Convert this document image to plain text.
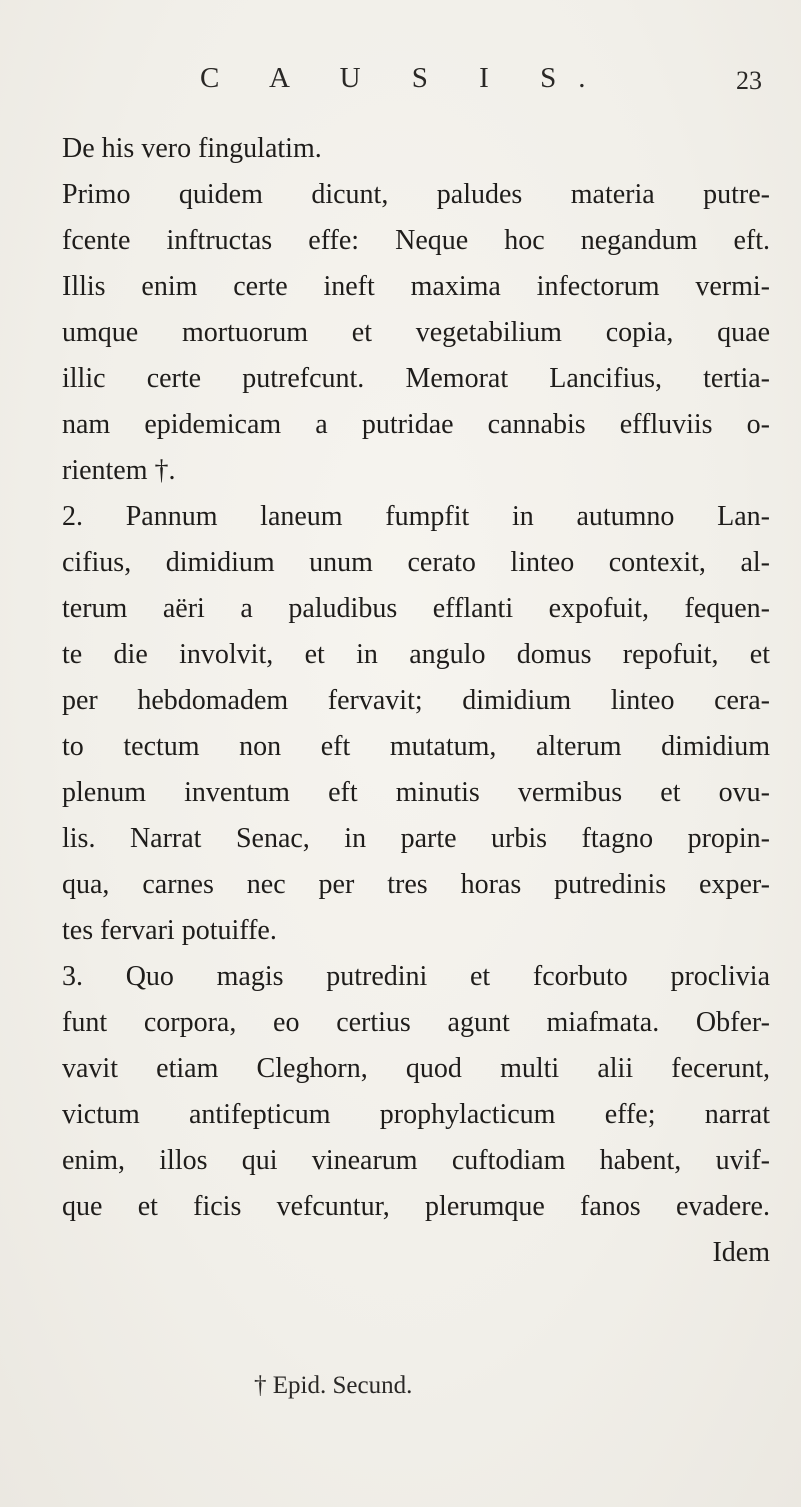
C A U S I S.	23
De his vero fingulatim.
Primo quidem dicunt, paludes materia putre-
fcente inftructas effe: Neque hoc negandum eft.
Illis enim certe ineft maxima infectorum vermi-
umque mortuorum et vegetabilium copia, quae
illic certe putrefcunt. Memorat Lancifius, tertia-
nam epidemicam a putridae cannabis effluviis o-
rientem †.
2. Pannum laneum fumpfit in autumno Lan-
cifius, dimidium unum cerato linteo contexit, al-
terum aëri a paludibus efflanti expofuit, fequen-
te die involvit, et in angulo domus repofuit, et
per hebdomadem fervavit; dimidium linteo cera-
to tectum non eft mutatum, alterum dimidium
plenum inventum eft minutis vermibus et ovu-
lis. Narrat Senac, in parte urbis ftagno propin-
qua, carnes nec per tres horas putredinis exper-
tes fervari potuiffe.
3. Quo magis putredini et fcorbuto proclivia
funt corpora, eo certius agunt miafmata. Obfer-
vavit etiam Cleghorn, quod multi alii fecerunt,
victum antifepticum prophylacticum effe; narrat
enim, illos qui vinearum cuftodiam habent, uvif-
que et ficis vefcuntur, plerumque fanos evadere.
Idem
† Epid. Secund.
